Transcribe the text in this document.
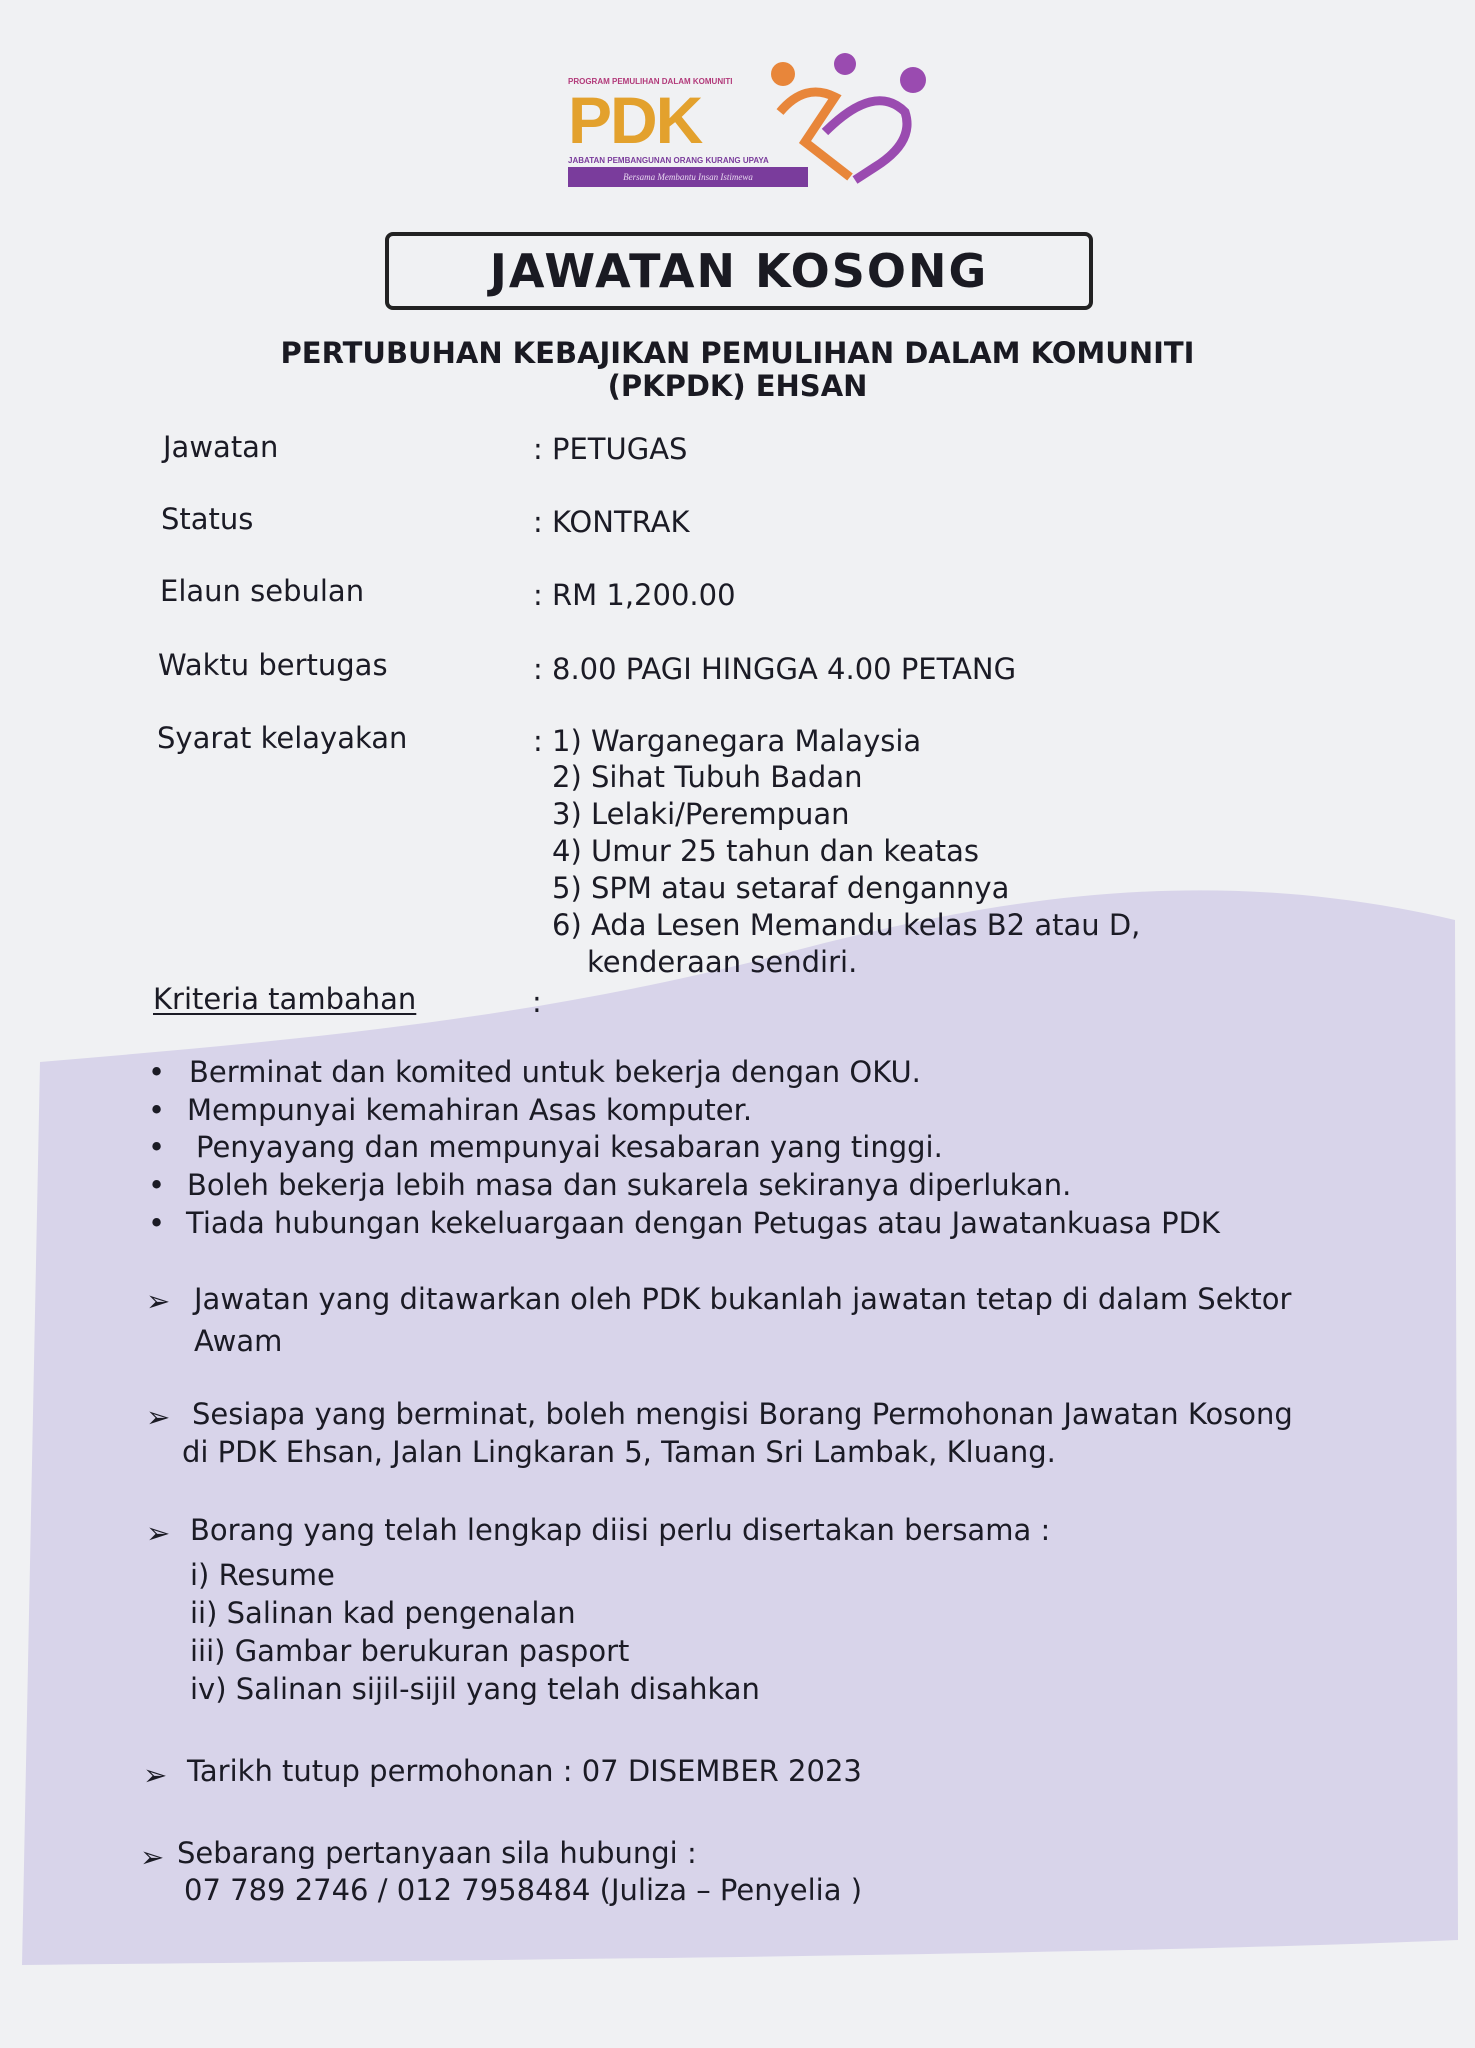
PROGRAM PEMULIHAN DALAM KOMUNITI
PDK
JABATAN PEMBANGUNAN ORANG KURANG UPAYA
Bersama Membantu Insan Istimewa
JAWATAN KOSONG
PERTUBUHAN KEBAJIKAN PEMULIHAN DALAM KOMUNITI
(PKPDK) EHSAN
Jawatan	: PETUGAS
Status	: KONTRAK
Elaun sebulan	: RM 1,200.00
Waktu bertugas	: 8.00 PAGI HINGGA 4.00 PETANG
Syarat kelayakan	: 1) Warganegara Malaysia
2) Sihat Tubuh Badan
3) Lelaki/Perempuan
4) Umur 25 tahun dan keatas
5) SPM atau setaraf dengannya
6) Ada Lesen Memandu kelas B2 atau D,
kenderaan sendiri.
Kriteria tambahan	:
• Berminat dan komited untuk bekerja dengan OKU.
• Mempunyai kemahiran Asas komputer.
• Penyayang dan mempunyai kesabaran yang tinggi.
• Boleh bekerja lebih masa dan sukarela sekiranya diperlukan.
• Tiada hubungan kekeluargaan dengan Petugas atau Jawatankuasa PDK
➢ Jawatan yang ditawarkan oleh PDK bukanlah jawatan tetap di dalam Sektor
Awam
➢ Sesiapa yang berminat, boleh mengisi Borang Permohonan Jawatan Kosong
di PDK Ehsan, Jalan Lingkaran 5, Taman Sri Lambak, Kluang.
➢ Borang yang telah lengkap diisi perlu disertakan bersama :
i) Resume
ii) Salinan kad pengenalan
iii) Gambar berukuran pasport
iv) Salinan sijil-sijil yang telah disahkan
➢ Tarikh tutup permohonan : 07 DISEMBER 2023
➢ Sebarang pertanyaan sila hubungi :
07 789 2746 / 012 7958484 (Juliza – Penyelia )
